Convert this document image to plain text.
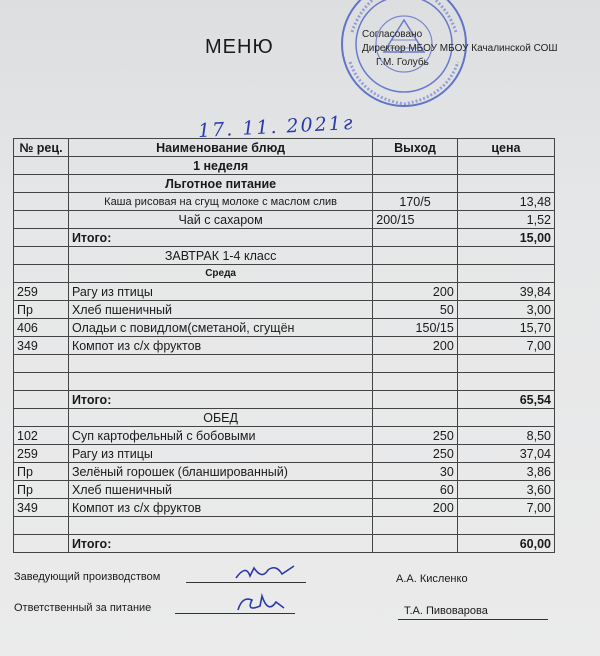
МЕНЮ
Согласовано
Директор МБОУ МБОУ Качалинской СОШ
Г.М. Голубь
17. 11. 2021г
№ рец.	Наименование блюд	Выход	цена
	1 неделя		
	Льготное питание		
	Каша рисовая на сгущ молоке с маслом слив	170/5	13,48
	Чай с сахаром	200/15	1,52
	Итого:		15,00
	ЗАВТРАК 1-4 класс		
	Среда		
259	Рагу из птицы	200	39,84
Пр	Хлеб пшеничный	50	3,00
406	Оладьи с повидлом(сметаной, сгущён	150/15	15,70
349	Компот из с/х фруктов	200	7,00

	Итого:		65,54
	ОБЕД		
102	Суп картофельный с бобовыми	250	8,50
259	Рагу из птицы	250	37,04
Пр	Зелёный горошек (бланшированный)	30	3,86
Пр	Хлеб пшеничный	60	3,60
349	Компот из с/х фруктов	200	7,00

	Итого:		60,00
Заведующий производством	А.А. Кисленко
Ответственный за питание	Т.А. Пивоварова
